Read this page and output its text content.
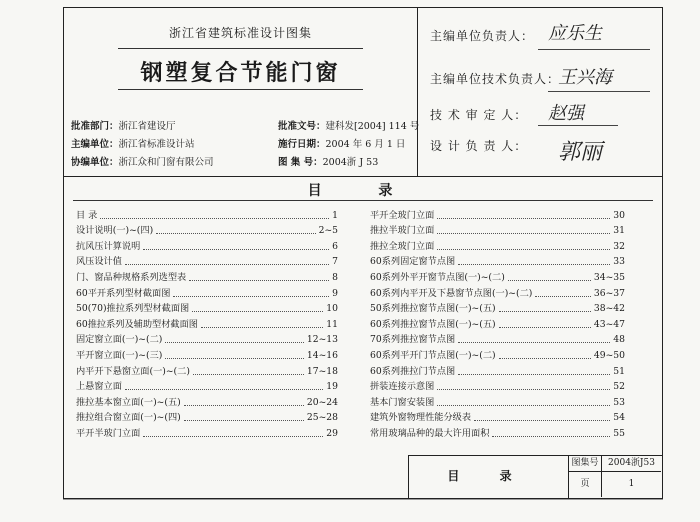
浙江省建筑标准设计图集
钢塑复合节能门窗
批准部门：浙江省建设厅
主编单位：浙江省标准设计站
协编单位：浙江众和门窗有限公司
批准文号：建科发[2004] 114 号
施行日期：2004 年 6 月 1 日
图 集 号：2004浙 J 53
主编单位负责人： 应乐生
主编单位技术负责人：
王兴海
技 术 审 定 人： 赵强
设 计 负 责 人： 郭丽
目 录
目 录	1
设计说明(一)~(四)	2~5
抗风压计算说明	6
风压设计值	7
门、窗品种规格系列选型表	8
60平开系列型材截面图	9
50(70)推拉系列型材截面图	10
60推拉系列及辅助型材截面图	11
固定窗立面(一)~(二)	12~13
平开窗立面(一)~(三)	14~16
内平开下悬窗立面(一)~(二)	17~18
上悬窗立面	19
推拉基本窗立面(一)~(五)	20~24
推拉组合窗立面(一)~(四)	25~28
平开半玻门立面	29
平开全玻门立面	30
推拉半玻门立面	31
推拉全玻门立面	32
60系列固定窗节点图	33
60系列外平开窗节点图(一)~(二)	34~35
60系列内平开及下悬窗节点图(一)~(二)	36~37
50系列推拉窗节点图(一)~(五)	38~42
60系列推拉窗节点图(一)~(五)	43~47
70系列推拉窗节点图	48
60系列平开门节点图(一)~(二)	49~50
60系列推拉门节点图	51
拼装连接示意图	52
基本门窗安装图	53
建筑外窗物理性能分级表	54
常用玻璃品种的最大许用面积	55
目 录
图集号	2004浙J53
页	1
